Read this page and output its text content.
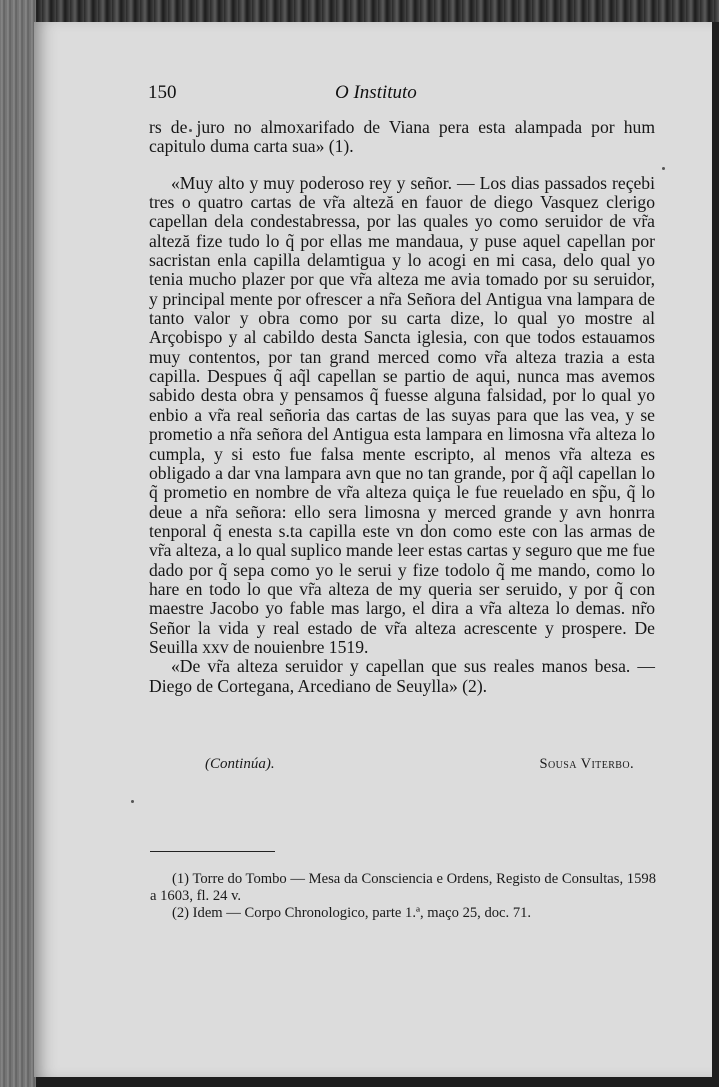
150	O Instituto

rs de juro no almoxarifado de Viana pera esta alampada por hum capitulo duma carta sua» (1).

«Muy alto y muy poderoso rey y señor. — Los dias passados reçebi tres o quatro cartas de vr̃a alteză en fauor de diego Vasquez clerigo capellan dela condestabressa, por las quales yo como seruidor de vr̃a alteză fize tudo lo q̃ por ellas me mandaua, y puse aquel capellan por sacristan enla capilla delamtigua y lo acogi en mi casa, delo qual yo tenia mucho plazer por que vr̃a alteza me avia tomado por su seruidor, y principal mente por ofrescer a nr̃a Señora del Antigua vna lampara de tanto valor y obra como por su carta dize, lo qual yo mostre al Arçobispo y al cabildo desta Sancta iglesia, con que todos estauamos muy contentos, por tan grand merced como vr̃a alteza trazia a esta capilla. Despues q̃ aq̃l capellan se partio de aqui, nunca mas avemos sabido desta obra y pensamos q̃ fuesse alguna falsidad, por lo qual yo enbio a vr̃a real señoria das cartas de las suyas para que las vea, y se prometio a nr̃a señora del Antigua esta lampara en limosna vr̃a alteza lo cumpla, y si esto fue falsa mente escripto, al menos vr̃a alteza es obligado a dar vna lampara avn que no tan grande, por q̃ aq̃l capellan lo q̃ prometio en nombre de vr̃a alteza quiça le fue reuelado en sp̃u, q̃ lo deue a nr̃a señora: ello sera limosna y merced grande y avn honrra tenporal q̃ enesta s.ta capilla este vn don como este con las armas de vr̃a alteza, a lo qual suplico mande leer estas cartas y seguro que me fue dado por q̃ sepa como yo le serui y fize todolo q̃ me mando, como lo hare en todo lo que vr̃a alteza de my queria ser seruido, y por q̃ con maestre Jacobo yo fable mas largo, el dira a vr̃a alteza lo demas. nr̃o Señor la vida y real estado de vr̃a alteza acrescente y prospere. De Seuilla xxv de nouienbre 1519.

«De vr̃a alteza seruidor y capellan que sus reales manos besa. — Diego de Cortegana, Arcediano de Seuylla» (2).

(Continúa).	Sousa Viterbo.

(1) Torre do Tombo — Mesa da Consciencia e Ordens, Registo de Consultas, 1598 a 1603, fl. 24 v.

(2) Idem — Corpo Chronologico, parte 1.ª, maço 25, doc. 71.
